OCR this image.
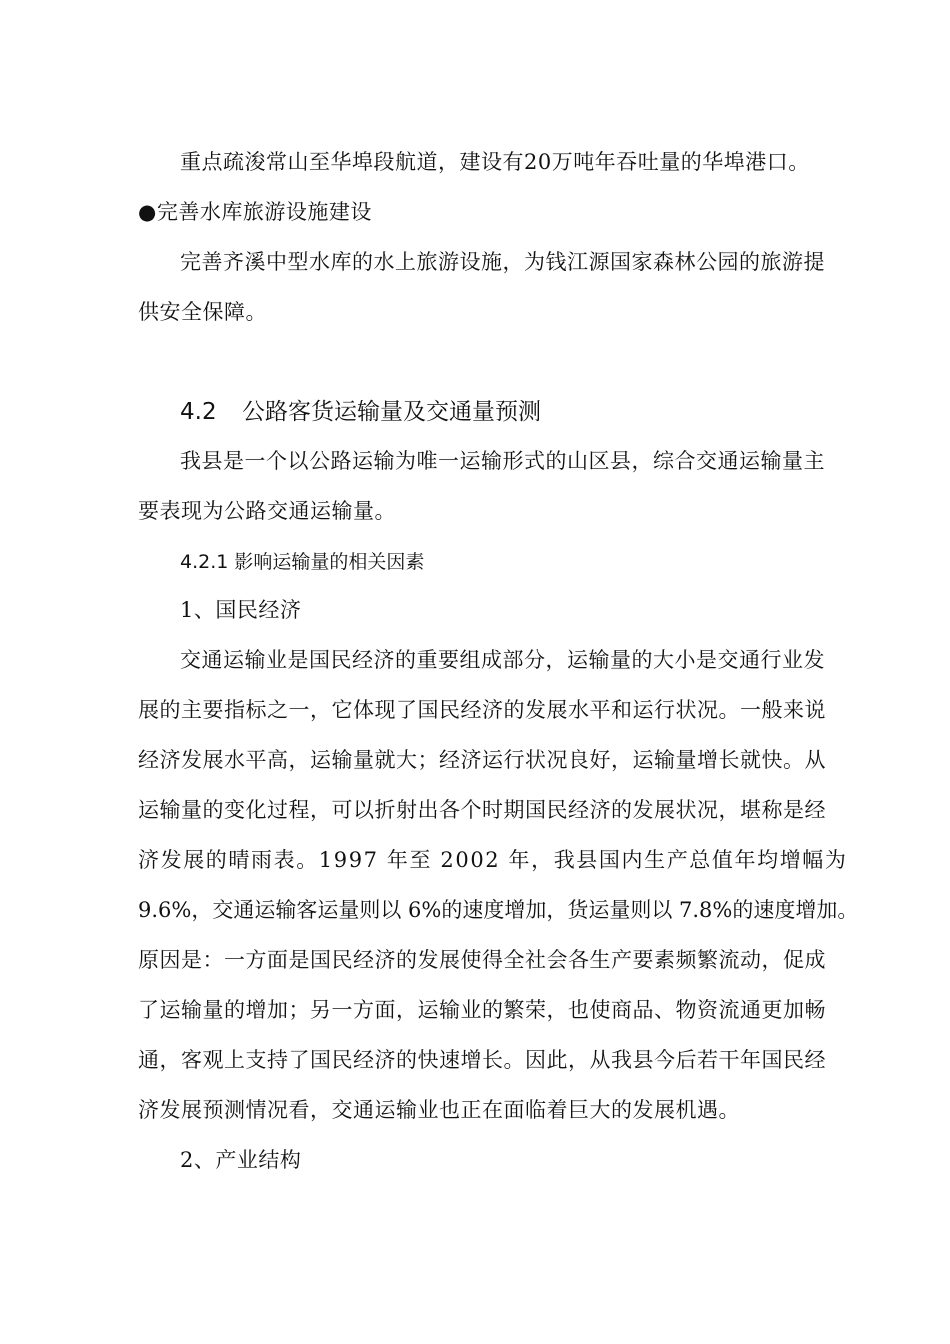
重点疏浚常山至华埠段航道，建设有20万吨年吞吐量的华埠港口。
●完善水库旅游设施建设
完善齐溪中型水库的水上旅游设施，为钱江源国家森林公园的旅游提
供安全保障。
4.2 公路客货运输量及交通量预测
我县是一个以公路运输为唯一运输形式的山区县，综合交通运输量主
要表现为公路交通运输量。
4.2.1 影响运输量的相关因素
1、国民经济
交通运输业是国民经济的重要组成部分，运输量的大小是交通行业发
展的主要指标之一，它体现了国民经济的发展水平和运行状况。一般来说
经济发展水平高，运输量就大；经济运行状况良好，运输量增长就快。从
运输量的变化过程，可以折射出各个时期国民经济的发展状况，堪称是经
济发展的晴雨表。1997 年至 2002 年，我县国内生产总值年均增幅为
9.6%，交通运输客运量则以 6%的速度增加，货运量则以 7.8%的速度增加。
原因是：一方面是国民经济的发展使得全社会各生产要素频繁流动，促成
了运输量的增加；另一方面，运输业的繁荣，也使商品、物资流通更加畅
通，客观上支持了国民经济的快速增长。因此，从我县今后若干年国民经
济发展预测情况看，交通运输业也正在面临着巨大的发展机遇。
2、产业结构
